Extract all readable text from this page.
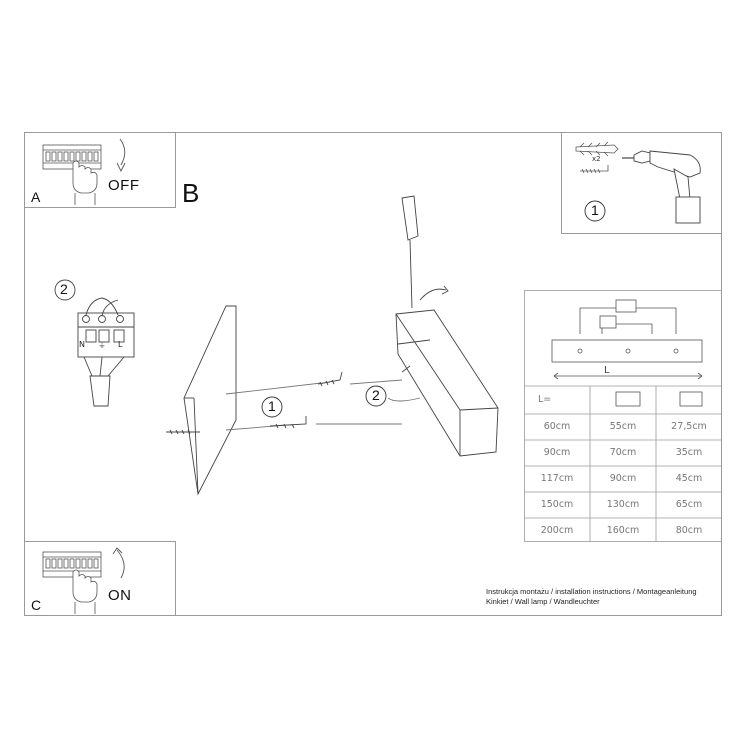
A
OFF
C
ON
x2
1
B
2
N ⏚ L
1
2
L
L=
60cm	55cm	27,5cm
90cm	70cm	35cm
117cm	90cm	45cm
150cm	130cm	65cm
200cm	160cm	80cm
Instrukcja montażu / installation instructions / Montageanleitung
Kinkiet / Wall lamp / Wandleuchter
